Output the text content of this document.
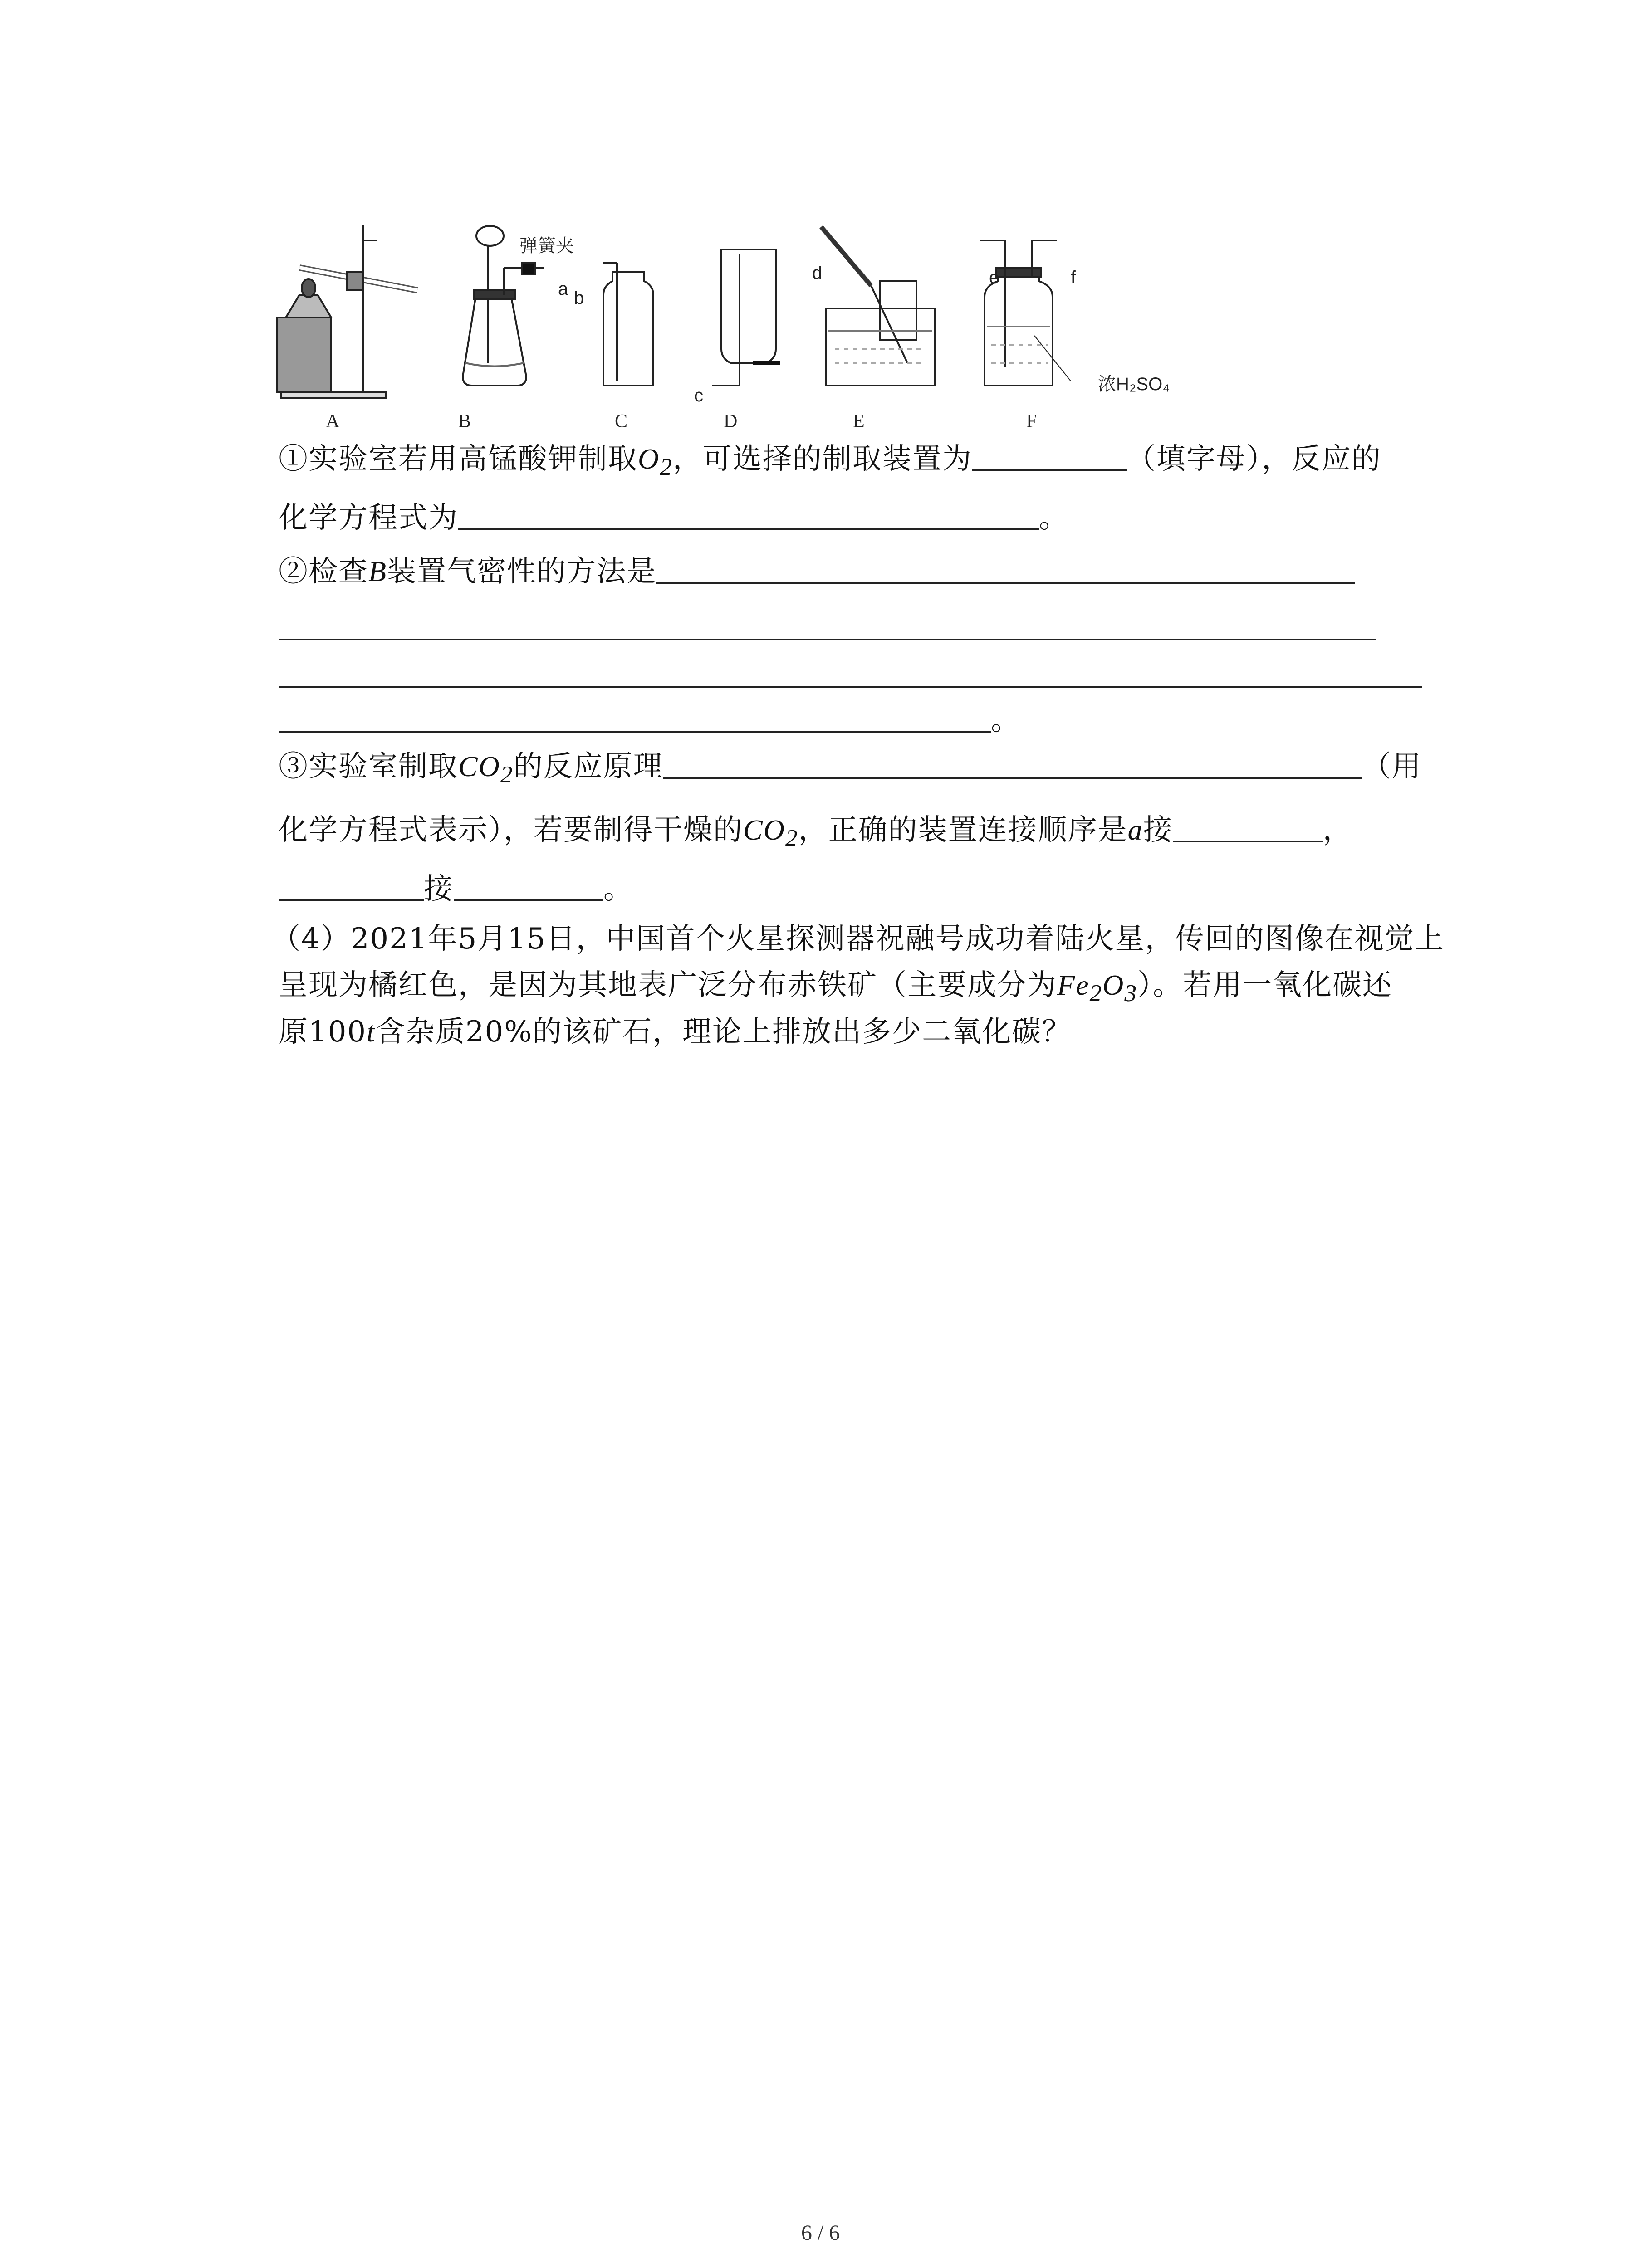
弹簧夹
a b
c
d	e	f
浓H₂SO₄
A	B	C	D	E	F
①实验室若用高锰酸钾制取$O_2$，可选择的制取装置为	（填字母），反应的
化学方程式为	。
②检查B装置气密性的方法是
。
③实验室制取$CO_2$的反应原理	（用
化学方程式表示），若要制得干燥的$CO_2$，正确的装置连接顺序是a接	，
接	。
（4）2021年5月15日，中国首个火星探测器祝融号成功着陆火星，传回的图像在视觉上
呈现为橘红色，是因为其地表广泛分布赤铁矿（主要成分为$Fe_2O_3$）。若用一氧化碳还
原100t含杂质20%的该矿石，理论上排放出多少二氧化碳？
6 / 6
